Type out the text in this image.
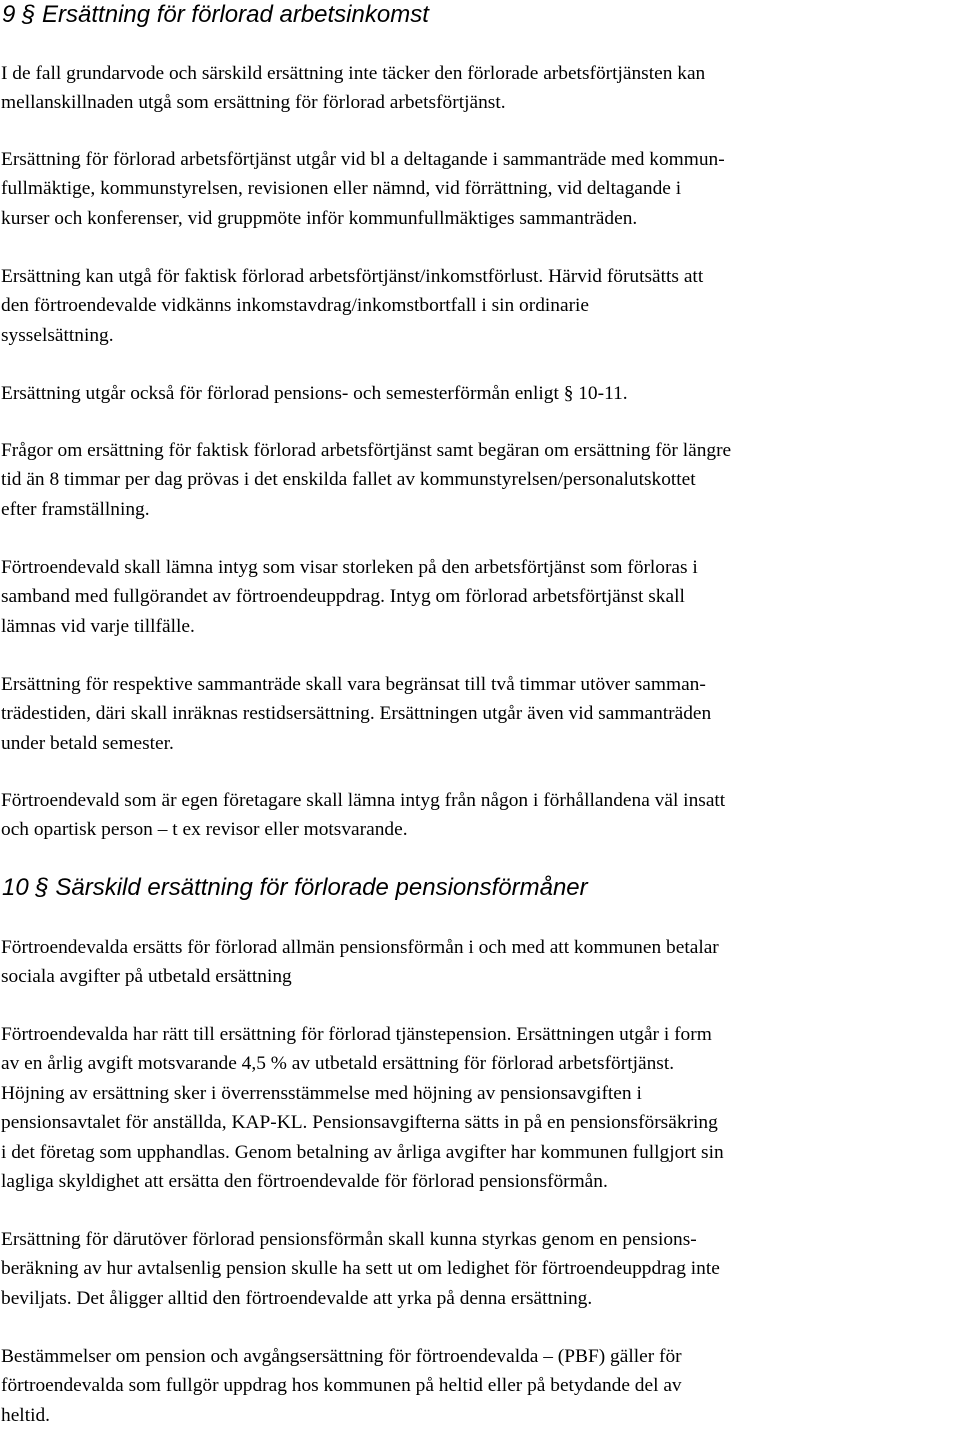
9 § Ersättning för förlorad arbetsinkomst

I de fall grundarvode och särskild ersättning inte täcker den förlorade arbetsförtjänsten kan
mellanskillnaden utgå som ersättning för förlorad arbetsförtjänst.

Ersättning för förlorad arbetsförtjänst utgår vid bl a deltagande i sammanträde med kommun-
fullmäktige, kommunstyrelsen, revisionen eller nämnd, vid förrättning, vid deltagande i
kurser och konferenser, vid gruppmöte inför kommunfullmäktiges sammanträden.

Ersättning kan utgå för faktisk förlorad arbetsförtjänst/inkomstförlust. Härvid förutsätts att
den förtroendevalde vidkänns inkomstavdrag/inkomstbortfall i sin ordinarie
sysselsättning.

Ersättning utgår också för förlorad pensions- och semesterförmån enligt § 10-11.

Frågor om ersättning för faktisk förlorad arbetsförtjänst samt begäran om ersättning för längre
tid än 8 timmar per dag prövas i det enskilda fallet av kommunstyrelsen/personalutskottet
efter framställning.

Förtroendevald skall lämna intyg som visar storleken på den arbetsförtjänst som förloras i
samband med fullgörandet av förtroendeuppdrag. Intyg om förlorad arbetsförtjänst skall
lämnas vid varje tillfälle.

Ersättning för respektive sammanträde skall vara begränsat till två timmar utöver samman-
trädestiden, däri skall inräknas restidsersättning. Ersättningen utgår även vid sammanträden
under betald semester.

Förtroendevald som är egen företagare skall lämna intyg från någon i förhållandena väl insatt
och opartisk person – t ex revisor eller motsvarande.

10 § Särskild ersättning för förlorade pensionsförmåner

Förtroendevalda ersätts för förlorad allmän pensionsförmån i och med att kommunen betalar
sociala avgifter på utbetald ersättning

Förtroendevalda har rätt till ersättning för förlorad tjänstepension. Ersättningen utgår i form
av en årlig avgift motsvarande 4,5 % av utbetald ersättning för förlorad arbetsförtjänst.
Höjning av ersättning sker i överrensstämmelse med höjning av pensionsavgiften i
pensionsavtalet för anställda, KAP-KL. Pensionsavgifterna sätts in på en pensionsförsäkring
i det företag som upphandlas. Genom betalning av årliga avgifter har kommunen fullgjort sin
lagliga skyldighet att ersätta den förtroendevalde för förlorad pensionsförmån.

Ersättning för därutöver förlorad pensionsförmån skall kunna styrkas genom en pensions-
beräkning av hur avtalsenlig pension skulle ha sett ut om ledighet för förtroendeuppdrag inte
beviljats. Det åligger alltid den förtroendevalde att yrka på denna ersättning.

Bestämmelser om pension och avgångsersättning för förtroendevalda – (PBF) gäller för
förtroendevalda som fullgör uppdrag hos kommunen på heltid eller på betydande del av
heltid.
